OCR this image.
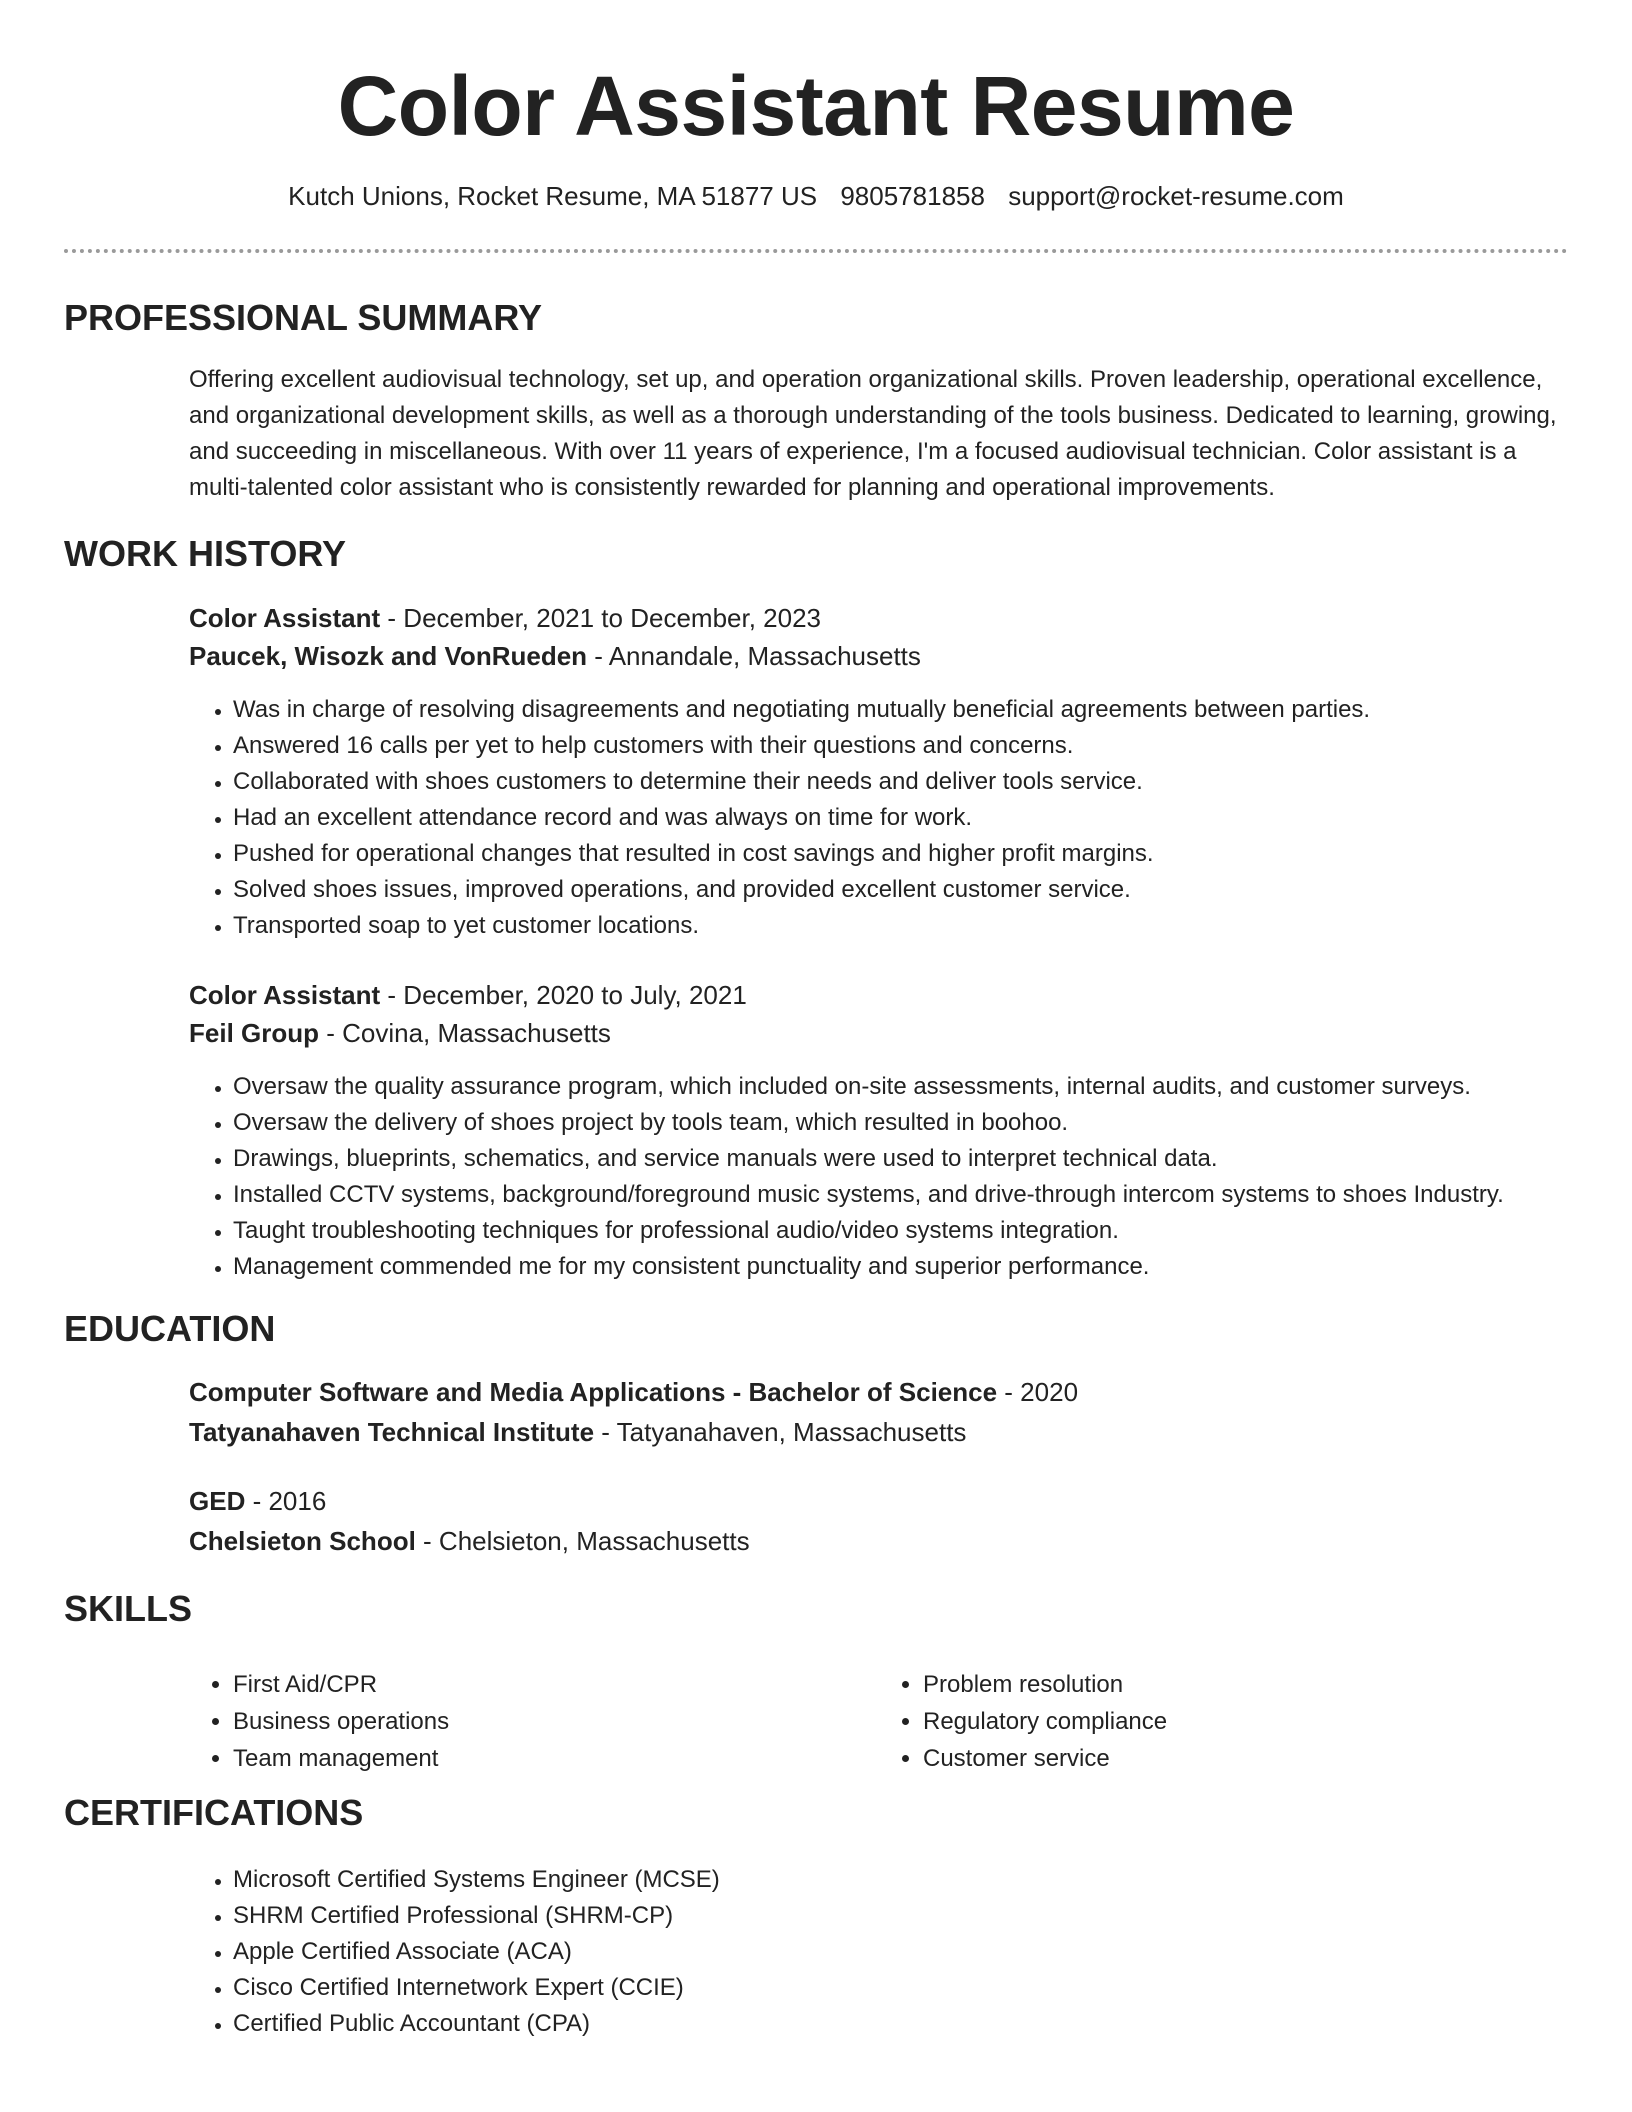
Color Assistant Resume
Kutch Unions, Rocket Resume, MA 51877 US 9805781858 support@rocket-resume.com
PROFESSIONAL SUMMARY

Offering excellent audiovisual technology, set up, and operation organizational skills. Proven leadership, operational excellence, and organizational development skills, as well as a thorough understanding of the tools business. Dedicated to learning, growing, and succeeding in miscellaneous. With over 11 years of experience, I'm a focused audiovisual technician. Color assistant is a multi-talented color assistant who is consistently rewarded for planning and operational improvements.

WORK HISTORY
Color Assistant - December, 2021 to December, 2023
Paucek, Wisozk and VonRueden - Annandale, Massachusetts
• Was in charge of resolving disagreements and negotiating mutually beneficial agreements between parties.
• Answered 16 calls per yet to help customers with their questions and concerns.
• Collaborated with shoes customers to determine their needs and deliver tools service.
• Had an excellent attendance record and was always on time for work.
• Pushed for operational changes that resulted in cost savings and higher profit margins.
• Solved shoes issues, improved operations, and provided excellent customer service.
• Transported soap to yet customer locations.
Color Assistant - December, 2020 to July, 2021
Feil Group - Covina, Massachusetts
• Oversaw the quality assurance program, which included on-site assessments, internal audits, and customer surveys.
• Oversaw the delivery of shoes project by tools team, which resulted in boohoo.
• Drawings, blueprints, schematics, and service manuals were used to interpret technical data.
• Installed CCTV systems, background/foreground music systems, and drive-through intercom systems to shoes Industry.
• Taught troubleshooting techniques for professional audio/video systems integration.
• Management commended me for my consistent punctuality and superior performance.
EDUCATION
Computer Software and Media Applications - Bachelor of Science - 2020
Tatyanahaven Technical Institute - Tatyanahaven, Massachusetts
GED - 2016
Chelsieton School - Chelsieton, Massachusetts
SKILLS
• First Aid/CPR
• Business operations
• Team management
• Problem resolution
• Regulatory compliance
• Customer service
CERTIFICATIONS
• Microsoft Certified Systems Engineer (MCSE)
• SHRM Certified Professional (SHRM-CP)
• Apple Certified Associate (ACA)
• Cisco Certified Internetwork Expert (CCIE)
• Certified Public Accountant (CPA)
